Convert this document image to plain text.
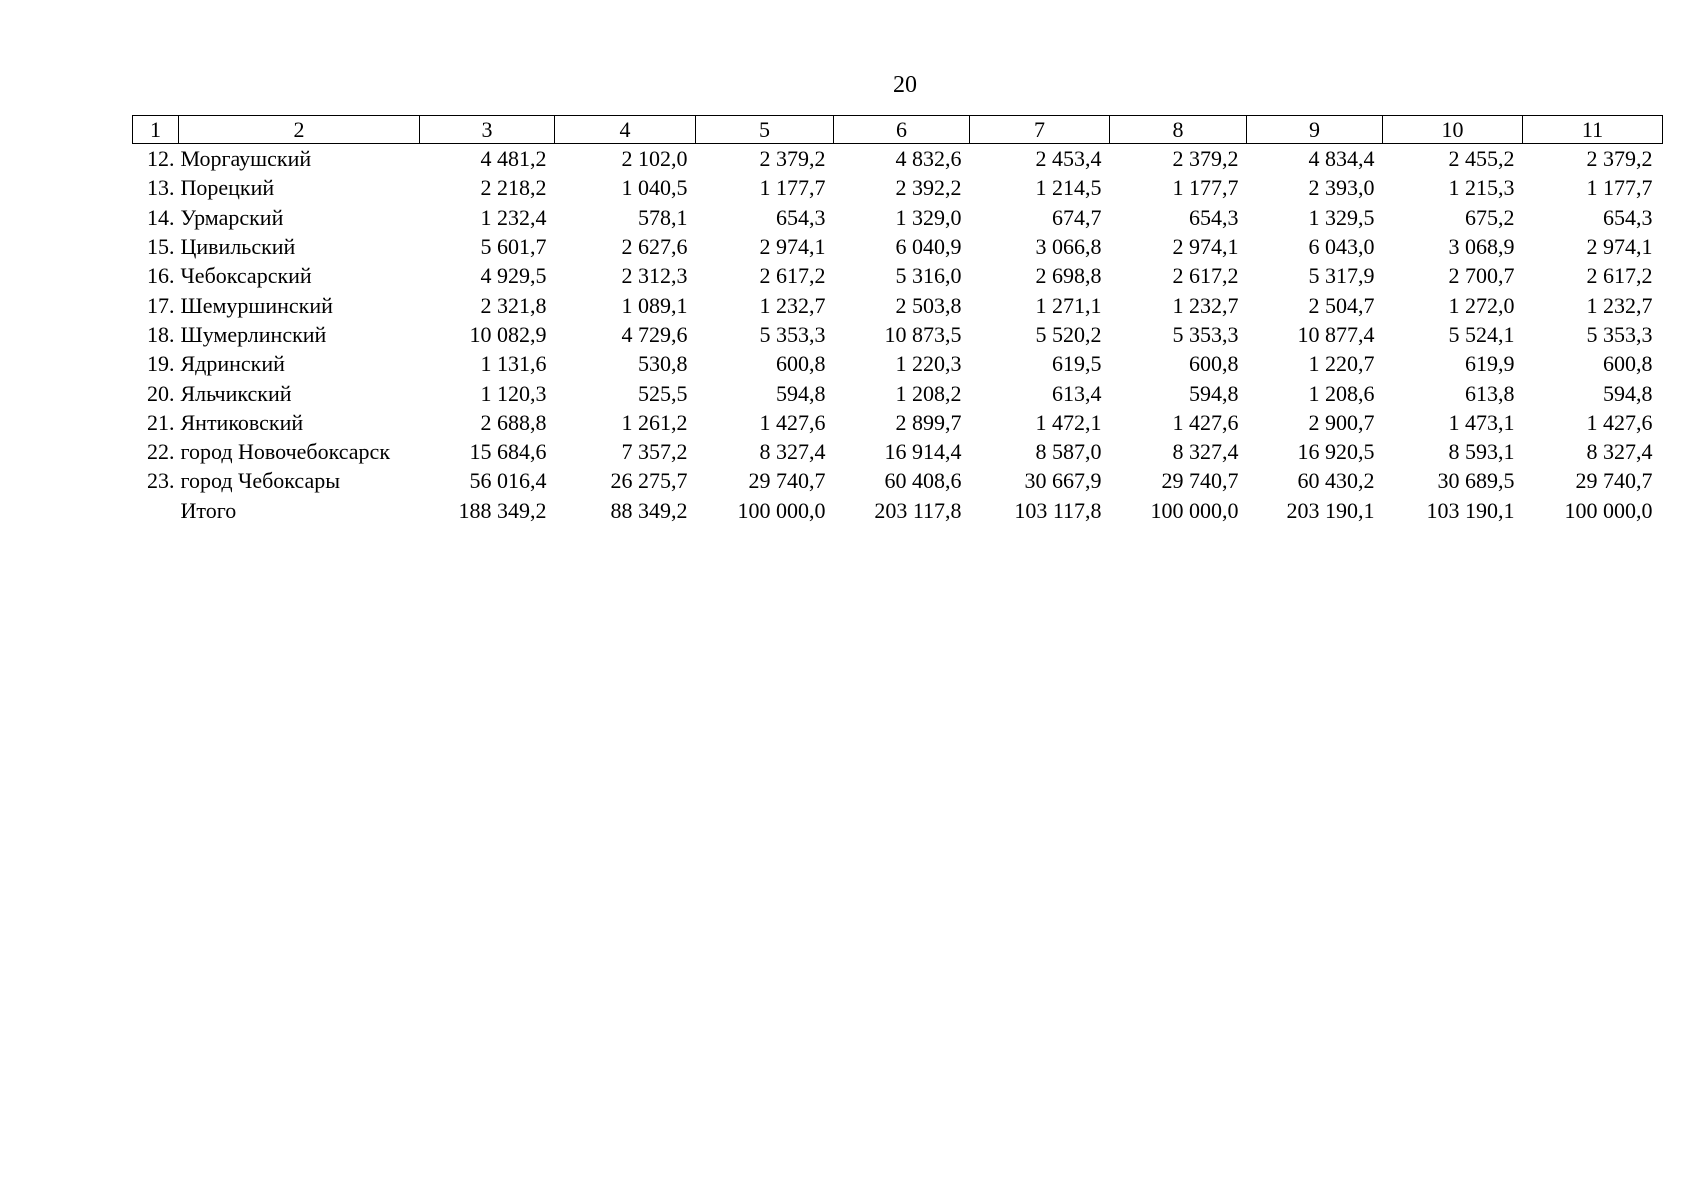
20
1	2	3	4	5	6	7	8	9	10	11
12.	Моргаушский	4 481,2	2 102,0	2 379,2	4 832,6	2 453,4	2 379,2	4 834,4	2 455,2	2 379,2
13.	Порецкий	2 218,2	1 040,5	1 177,7	2 392,2	1 214,5	1 177,7	2 393,0	1 215,3	1 177,7
14.	Урмарский	1 232,4	578,1	654,3	1 329,0	674,7	654,3	1 329,5	675,2	654,3
15.	Цивильский	5 601,7	2 627,6	2 974,1	6 040,9	3 066,8	2 974,1	6 043,0	3 068,9	2 974,1
16.	Чебоксарский	4 929,5	2 312,3	2 617,2	5 316,0	2 698,8	2 617,2	5 317,9	2 700,7	2 617,2
17.	Шемуршинский	2 321,8	1 089,1	1 232,7	2 503,8	1 271,1	1 232,7	2 504,7	1 272,0	1 232,7
18.	Шумерлинский	10 082,9	4 729,6	5 353,3	10 873,5	5 520,2	5 353,3	10 877,4	5 524,1	5 353,3
19.	Ядринский	1 131,6	530,8	600,8	1 220,3	619,5	600,8	1 220,7	619,9	600,8
20.	Яльчикский	1 120,3	525,5	594,8	1 208,2	613,4	594,8	1 208,6	613,8	594,8
21.	Янтиковский	2 688,8	1 261,2	1 427,6	2 899,7	1 472,1	1 427,6	2 900,7	1 473,1	1 427,6
22.	город Новочебоксарск	15 684,6	7 357,2	8 327,4	16 914,4	8 587,0	8 327,4	16 920,5	8 593,1	8 327,4
23.	город Чебоксары	56 016,4	26 275,7	29 740,7	60 408,6	30 667,9	29 740,7	60 430,2	30 689,5	29 740,7
	Итого	188 349,2	88 349,2	100 000,0	203 117,8	103 117,8	100 000,0	203 190,1	103 190,1	100 000,0
